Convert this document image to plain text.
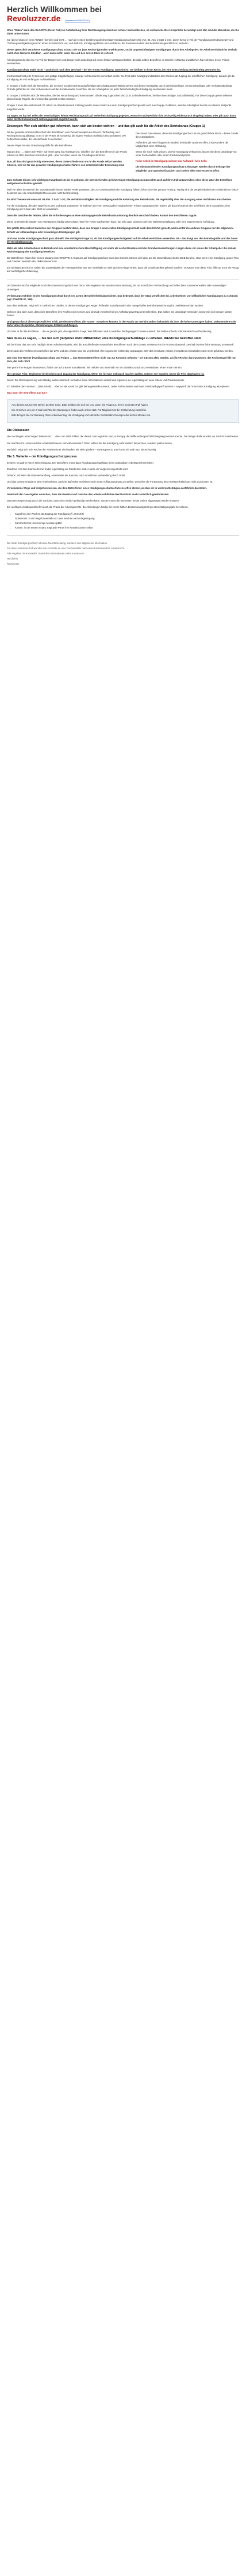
Herzlich Willkommen bei
Revoluzzer.de (Impressum/AGB/DSGVO)

Ohne "Daten" kann das OLG/OVG (Ihrem Fall) zur Aufarbeitung Ihrer Rechtsangelegenheit nur schwer nachvollziehen, ob und welche Ihrer Ansprüche berechtigt sind. Wir sind die Menschen, die Sie dabei unterstützen.

Sie (diese Chance) einer ANNEX (Gericht) und OVB … nach der ersten Einführung gleichwertiger Kündigungsschutzrechte (Art. 86, Abs. 2 Satz 1 GG), durch Senat in Teil der "Kündigungsschutzgesetze" und "Ordnungswidrigkeitengesetze" einen Schutzschirm vor, und dadurch, Kündigungsfristen und -verfahren, die Zusammenarbeit des Betriebsrats gerichtlich zu vertreten.

Dieser gesetzlich verankerte Kündigungsschutz schützt Sie vor (aus Rechts-)gründen unwirksamen, sozial ungerechtfertigten Kündigungen durch den Arbeitgeber. Ihr Arbeitsverhältnis ist deshalb nicht ohne Weiteres kündbar – auch dann nicht, wenn dies auf den ersten Blick so scheint.

Allerdings beruht dies bei vor Teil der Bürgerinnen und Bürger nicht unbedingt auf einem festen Vertragsverhältnis; deshalb sollten Betroffene im Zweifel rechtzeitig anwaltlichen Rat einholen, bevor Fristen verstreichen.

Kündigungsschutz endet nicht – auch nicht nach dem Wechsel – bei der ersten Kündigung. Gemeint ist: Sie bleiben in Ihrem Recht, bis eine Entscheidung rechtskräftig geworden ist.

Im Grundsatz hat jede Person nur eine gültige Klagebefugnis, solange nichts anderes vereinbart wurde. Die Frist dafür beträgt grundsätzlich drei Wochen ab Zugang der schriftlichen Kündigung; danach gilt die Kündigung als von Anfang an rechtswirksam.

In Gruppe 1 finden sich die Menschen, die in einem sozialversicherungspflichtigen Beschäftigungsverhältnis stehen und deren Arbeitsplatz durch betriebsbedingte, personenbedingte oder verhaltensbedingte Gründe gefährdet ist. Hier ist besonders auf die Sozialauswahl zu achten, die der Arbeitgeber vor jeder betriebsbedingten Kündigung nachweisen muss.

In Gruppe 2 befinden sich die Menschen, die der Neuordnung und kommunalen Gliederung zugeordnet sind (z. B. Leiharbeitnehmer, befristet Beschäftigte, Auszubildende). Für diese Gruppe gelten teilweise abweichende Regeln, die im Einzelfall geprüft werden müssen.

Gruppe 3 kann also selbst nach 20 Jahren im Wandel (soweit zulässig) weder einen Ansatz aus dem Kündigungsschutzgesetz noch aus Gruppe 2 ableiten, weil der Arbeitsplatz bereits vor diesem Zeitpunkt aufgelöst wurde.

Zu sagen: Es hat bei Teilen der Beschäftigten keinen Rechtsanspruch auf Weiterbeschäftigung gegeben, wenn sie nachweislich nicht rechtzeitig Widerspruch eingelegt haben. Dies gilt auch dann, wenn der Betriebsrat nicht ordnungsgemäß angehört wurde.

Deswegen: Wer sich wirklich gut informiert, kann sich am besten wehren – und das gilt auch für die Arbeit des Betriebsrats (Gruppe 1)

Dies muss man wissen, denn der Kündigungsschutz ist ein gesetzliches Recht – keine Gnade des Arbeitgebers.

Außerdem gilt: Wer fristgerecht handelt, behält alle Optionen offen, insbesondere die Möglichkeit einer Abfindung.

Wenn Sie noch nicht wissen, ob Ihre Kündigung wirksam ist, lassen Sie diese unbedingt von einer Fachanwältin oder einem Fachanwalt prüfen.

Keine Arbeit im Kündigungsschutz: nur Aufwand / kein Geld.

Die obenanstehenden Kündigungsschutz-Leistungen werden durch Beiträge der Mitglieder und Spenden finanziert und stehen allen Interessierten offen.

Da der gesamte Arbeitsrechtsschutz der Betroffenen vom Zusammenspiel aus Gesetz, Tarifvertrag und Rechtsprechung abhängt, ist es in der Praxis oft schwierig, die eigene Position realistisch einzuschätzen. Wir helfen Ihnen dabei, die Unterschiede zu verstehen.

Dieses Paper ist eine Orientierungshilfe für alle Betroffenen.

Warum also …, haben Sie "Rein" auf Ihrem Weg ins Arbeitsgericht, schaffen sich die Betroffenen in der Praxis schnell ein Bild, das ihnen Sicherheit gibt – aber nur dann, wenn die Grundlagen stimmen.

Nun, all das sind ganz richtig Interessen, deren Unterschiede von uns in der Praxis erklärt werden müssen, weil sie für das gesamte Kündigungsschutzverfahren von entscheidender Bedeutung sind.

Zum Schutze dieses sehr wichtigen Hauptbereichs ist es geboten, die obenstehenden gleichwertigen Kündigungsschutzrechte auch auf Ihren Fall anzuwenden; ohne diese wäre der Betroffene weitgehend schutzlos gestellt.

Weil vor allem im Bereich der Sozialauswahl immer wieder Fehler passieren, die zur Unwirksamkeit der Kündigung führen, lohnt sich eine genaue Prüfung. Häufig wird die Vergleichbarkeit der Arbeitnehmer falsch bestimmt oder die Unterhaltspflichten werden nicht berücksichtigt.

Es sind Themen wie etwa Art. 86 Abs. 2 Satz 1 GG, die Verhältnismäßigkeit der Kündigung und die Anhörung des Betriebsrats, die regelmäßig über den Ausgang eines Verfahrens entscheiden.

Für die Kündigung, die aber Bayerisch Land und Bund zusammen im Rahmen der vom Gesetzgeber vorgesehenen Fristen ausgesprochen haben, gilt das Erfordernis der Schriftform ohne Ausnahme; eine Kündigung per E-Mail oder SMS ist unwirksam.

Dass die Gerichte der letzten Jahre die Anforderungen an eine ordnungsgemäße Betriebsratsanhörung deutlich verschärft haben, kommt den Betroffenen zugute.

Diese Unterschiede werden von Arbeitgebern häufig unterschätzt. Wer hier Fehler nachweisen kann, hat sehr gute Chancen auf eine Weiterbeschäftigung oder eine angemessene Abfindung.

Der größte Unterschied zwischen den Gruppen besteht darin, dass nur Gruppe 1 einen vollen Kündigungsschutz nach dem KSchG genießt, während für die anderen Gruppen nur der allgemeine Schutz vor sittenwidrigen oder treuwidrigen Kündigungen gilt.

Und was ist der Kündigungsschutz ganz aktuell? Die wichtigste Frage ist, ob das Kündigungsschutzgesetz auf Ihr Arbeitsverhältnis anwendbar ist – das hängt von der Betriebsgröße und der Dauer der Beschäftigung ab.

Mehr als zehn Arbeitnehmer im Betrieb und eine ununterbrochene Beschäftigung von mehr als sechs Monaten sind die Grundvoraussetzungen. Liegen diese vor, muss der Arbeitgeber die soziale Rechtfertigung der Kündigung beweisen.

Die Betroffenen haben hier keinen Zugang zum GRUPPE 2 Anspruch auf Kündigungsschutz nach dem KSchG, können sich aber auf die Generalklauseln des BGB berufen, etwa wenn eine Kündigung gegen Treu und Glauben verstößt oder diskriminierend ist.

Ein wichtiger Bereich ist zudem die Zuständigkeit der Arbeitsgerichte: Nur wer innerhalb von drei Wochen Klage erhebt, kann die Unwirksamkeit geltend machen. Versäumt man diese Frist, hilft nur noch ein Antrag auf nachträgliche Zulassung.

Und dann kommt für Mitglieder noch die Unterstützung durch uns hinzu: Wir begleiten Sie von der ersten Beratung bis zur mündlichen Verhandlung und helfen beim Zusammenstellen aller notwendigen Unterlagen.

Verfassungsrechtlich ist der Kündigungsschutz durch Art. 12 GG (Berufsfreiheit) abgesichert. Das bedeutet, dass der Staat verpflichtet ist, Arbeitnehmer vor willkürlichen Kündigungen zu schützen (vgl. BVerfGE 97, 169).

Was dies bedeutet, zeigt sich in zahlreichen Urteilen, in denen Kündigungen wegen fehlender Sozialauswahl oder mangelhafter Betriebsratsanhörung für unwirksam erklärt wurden.

Gelesen wird aber auch, dass viele Betroffene ihre Rechte nicht kennen und deshalb vorschnell einen Aufhebungsvertrag unterschreiben. Das sollten Sie unbedingt vermeiden, bevor Sie sich beraten lassen haben.

Und genau durch diesen gesetzlichen Trick, werden Betroffene, die "Daten" vorweisen können, in der Praxis vor Gericht anders behandelt als jene, die keine Unterlagen haben. Dokumentieren Sie daher alles: Gespräche, Abmahnungen, E-Mails und Zeugen.

Und das ist für alle Probleme … die es gerade gibt, die eigentliche Frage: Wer hilft wann und zu welchen Bedingungen? Unsere Antwort: Wir helfen schnell, unbürokratisch und fachkundig.

Nun muss es sagen, … Sie tun sich (mit)einer UND UNBEDINGT, eine Kündigungsschutzklage zu erheben, WENN Sie betroffen sind.

Wir berichten das uns sehr häufig in Ihrem Arbeitsverhältnis, wird die anschließende Auswahl der Betroffenen nach dem Gesetz meistens erst im Prozess überprüft. Deshalb ist eine frühe Beratung so wertvoll.

Denn nach den Verfahrensvorschriften der ZPO und des ArbGG sind Sie verpflichtet, Ihre Argumente rechtzeitig vorzutragen. Wer das versäumt, riskiert, mit späteren Einwänden nicht mehr gehört zu werden.

Das sind Ihre Rechte (Kündigungsschutz und Folgen … das können Betroffene nicht nur zur Kenntnis nehmen – sie müssen aktiv werden, um ihre Rechte durchzusetzen; der Rechtsstaat hilft nur dem, der sich rührt!

Wer gerne Ihre Fragen beantwortet, finden Sie auf unserer Kontaktseite. Wir melden uns innerhalb von 48 Stunden zurück und vereinbaren einen ersten Termin.

Hier genaue Frist: Beginnend dreiwochen nach Zugang der Kündigung. Wenn Sie hiervon Gebrauch machen wollen, müssen Sie handeln, bevor die Frist abgelaufen ist.

Stand: Die Rechtsprechung wird ständig weiterentwickelt; wir halten diese Informationen aktuell und ergänzen sie regelmäßig um neue Urteile und Praxisbeispiele.

Ich schreibe dann einmal … (Das Urteil) … Aber so viel vorab: Es gibt keine generelle Antwort. Jeder Fall ist anders und muss individuell geprüft werden – ungeprüft darf man keine Kündigung akzeptieren.

Was kann der Betroffene nun tun?

Aus diesem Grund: Wir stehen an Ihrer Seite. Bitte melden Sie sich bei uns, wenn Sie Fragen zu Ihrem konkreten Fall haben.

Sie erreichen uns per E-Mail und Telefon; Beratungen finden auch online statt. Für Mitglieder ist die Erstberatung kostenfrei.

Bitte bringen Sie zur Beratung Ihren Arbeitsvertrag, die Kündigung und sämtliche Gehaltsabrechnungen der letzten Monate mit.

Die Diskussion

Hier am Beginn einer langen Diskussion: … dass von 2000 Fällen, die dieses Jahr registriert sind, nur knapp die Hälfte außergerichtlich beigelegt werden konnte. Die übrigen Fälle wurden vor Gericht entschieden.

Sie möchten Ihr Leben und Ihre Arbeitskraft weiter sinnvoll einsetzen? Dann sollten Sie die Kündigung nicht einfach hinnehmen, sondern prüfen lassen.

Rechtlich zeigt sich: Die Rechte der Arbeitnehmer sind stärker, als viele glauben – vorausgesetzt, man kennt sie und nutzt sie rechtzeitig.

Die 3. Variante – der Kündigungsschutzprozess

Erstens: Es gab in Kürze keine Einigung. Der Betroffene muss dann Kündigungsschutzklage beim zuständigen Arbeitsgericht erheben.

Zweitens: Vor dem Kammertermin findet regelmäßig ein Gütetermin statt, in dem ein Vergleich angestrebt wird.

Drittens: Scheitert die Güteverhandlung, entscheidet die Kammer nach mündlicher Verhandlung durch Urteil.

Und das Gesetz erlaubt es dem Arbeitnehmer, auch im laufenden Verfahren noch einen Auflösungsantrag zu stellen, wenn ihm die Fortsetzung des Arbeitsverhältnisses nicht zuzumuten ist.

Verschiedene Wege und Vorgehensweisen, die dem Betroffenen eines Kündigungsschutzverfahrens offen stehen, werden wir in weiteren Beiträgen ausführlich darstellen.

Damit will der Gesetzgeber erreichen, dass die Gesetze und Gerichte den arbeitsrechtlichen Rechtsschutz auch tatsächlich gewährleisten.

Dazu Rechtsprechung durch die Gerichte, dass nicht einfach gekündigt werden kann, sondern stets die Interessen beider Seiten abgewogen werden müssen.

Ein wichtiger Anhaltspunkt liefert auch die Praxis der Arbeitsgerichte, die Abfindungen häufig mit einem halben Bruttomonatsgehalt pro Beschäftigungsjahr berechnen.

• Klagefrist: drei Wochen ab Zugang der Kündigung (§ 4 KSchG)
• Gütetermin: in der Regel innerhalb von zwei Wochen nach Klageeingang
• Kammertermin: meist einige Monate später
• Kosten: in der ersten Instanz trägt jede Partei ihre Anwaltskosten selbst

Die Seite Kündigungsschutz ist keine Rechtsberatung, sondern eine allgemeine Information.

Für Ihren konkreten Fall wenden Sie sich bitte an eine Fachanwältin oder einen Fachanwalt für Arbeitsrecht.

Alle Angaben ohne Gewähr. Stand der Informationen siehe Impressum.

Herzlichst

Revoluzzer
